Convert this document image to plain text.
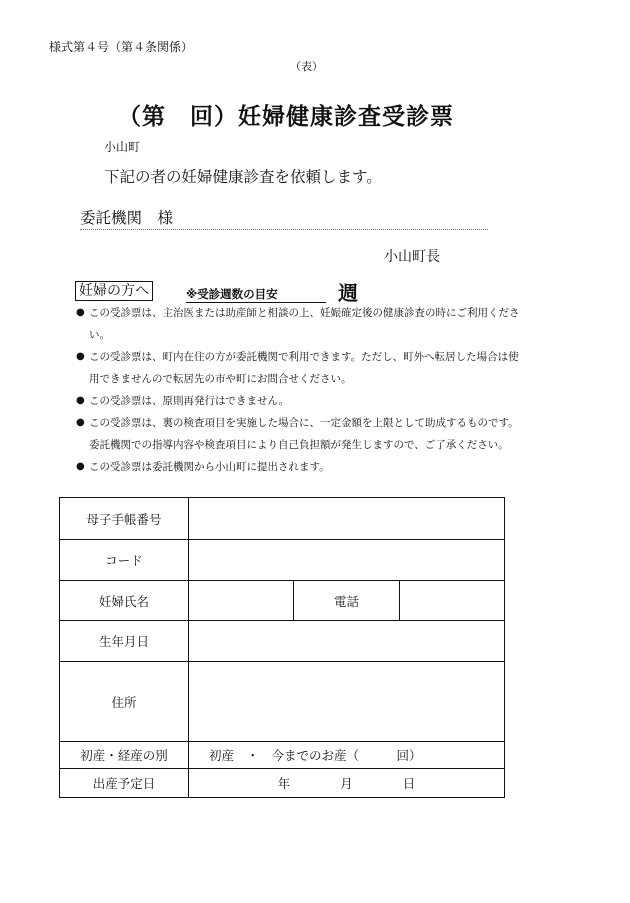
様式第４号（第４条関係）
（表）
（第　回）妊婦健康診査受診票
小山町
下記の者の妊婦健康診査を依頼します。
委託機関　様
小山町長
妊婦の方へ	※受診週数の目安	週
● この受診票は、主治医または助産師と相談の上、妊娠確定後の健康診査の時にご利用ください。
● この受診票は、町内在住の方が委託機関で利用できます。ただし、町外へ転居した場合は使用できませんので転居先の市や町にお問合せください。
● この受診票は、原則再発行はできません。
● この受診票は、裏の検査項目を実施した場合に、一定金額を上限として助成するものです。委託機関での指導内容や検査項目により自己負担額が発生しますので、ご了承ください。
● この受診票は委託機関から小山町に提出されます。
母子手帳番号			
コード			
妊婦氏名		電話	
生年月日			
住所			
初産・経産の別	初産　・　今までのお産（　　　回）		
出産予定日	年　　　　月　　　　日		
